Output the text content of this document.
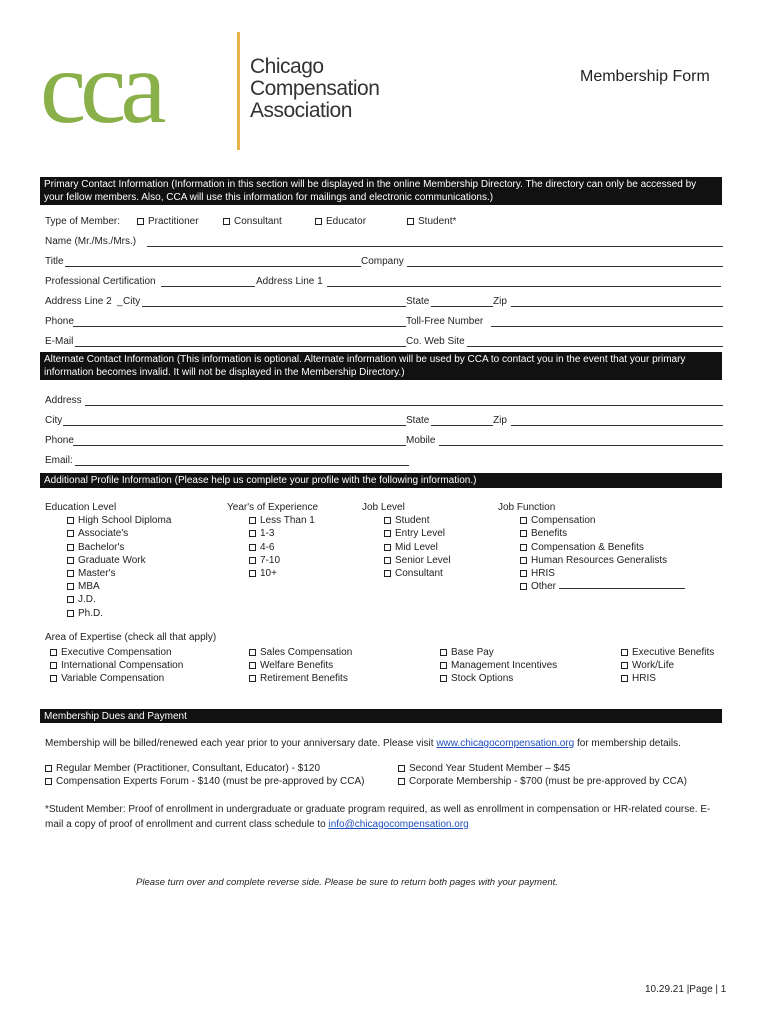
cca	Chicago
Compensation
Association
Membership Form
Primary Contact Information (Information in this section will be displayed in the online Membership Directory. The directory can only be accessed by your fellow members. Also, CCA will use this information for mailings and electronic communications.)
Type of Member:	Practitioner	Consultant	Educator	Student*
Name (Mr./Ms./Mrs.)
Title	Company
Professional Certification	Address Line 1
Address Line 2 _ City	State	Zip
Phone	Toll-Free Number
E-Mail	Co. Web Site
Alternate Contact Information (This information is optional. Alternate information will be used by CCA to contact you in the event that your primary information becomes invalid. It will not be displayed in the Membership Directory.)
Address
City	State	Zip
Phone	Mobile
Email:
Additional Profile Information (Please help us complete your profile with the following information.)
Education Level
High School Diploma
Associate's
Bachelor's
Graduate Work
Master's
MBA
J.D.
Ph.D.
Year's of Experience
Less Than 1
1-3
4-6
7-10
10+
Job Level
Student
Entry Level
Mid Level
Senior Level
Consultant
Job Function
Compensation
Benefits
Compensation & Benefits
Human Resources Generalists
HRIS
Other
Area of Expertise (check all that apply)
Executive Compensation
International Compensation
Variable Compensation
Sales Compensation
Welfare Benefits
Retirement Benefits
Base Pay
Management Incentives
Stock Options
Executive Benefits
Work/Life
HRIS
Membership Dues and Payment
Membership will be billed/renewed each year prior to your anniversary date. Please visit www.chicagocompensation.org for membership details.
Regular Member (Practitioner, Consultant, Educator) - $120
Compensation Experts Forum - $140 (must be pre-approved by CCA)
Second Year Student Member – $45
Corporate Membership - $700 (must be pre-approved by CCA)
*Student Member: Proof of enrollment in undergraduate or graduate program required, as well as enrollment in compensation or HR-related course. E-mail a copy of proof of enrollment and current class schedule to info@chicagocompensation.org
Please turn over and complete reverse side. Please be sure to return both pages with your payment.
10.29.21 |Page | 1
